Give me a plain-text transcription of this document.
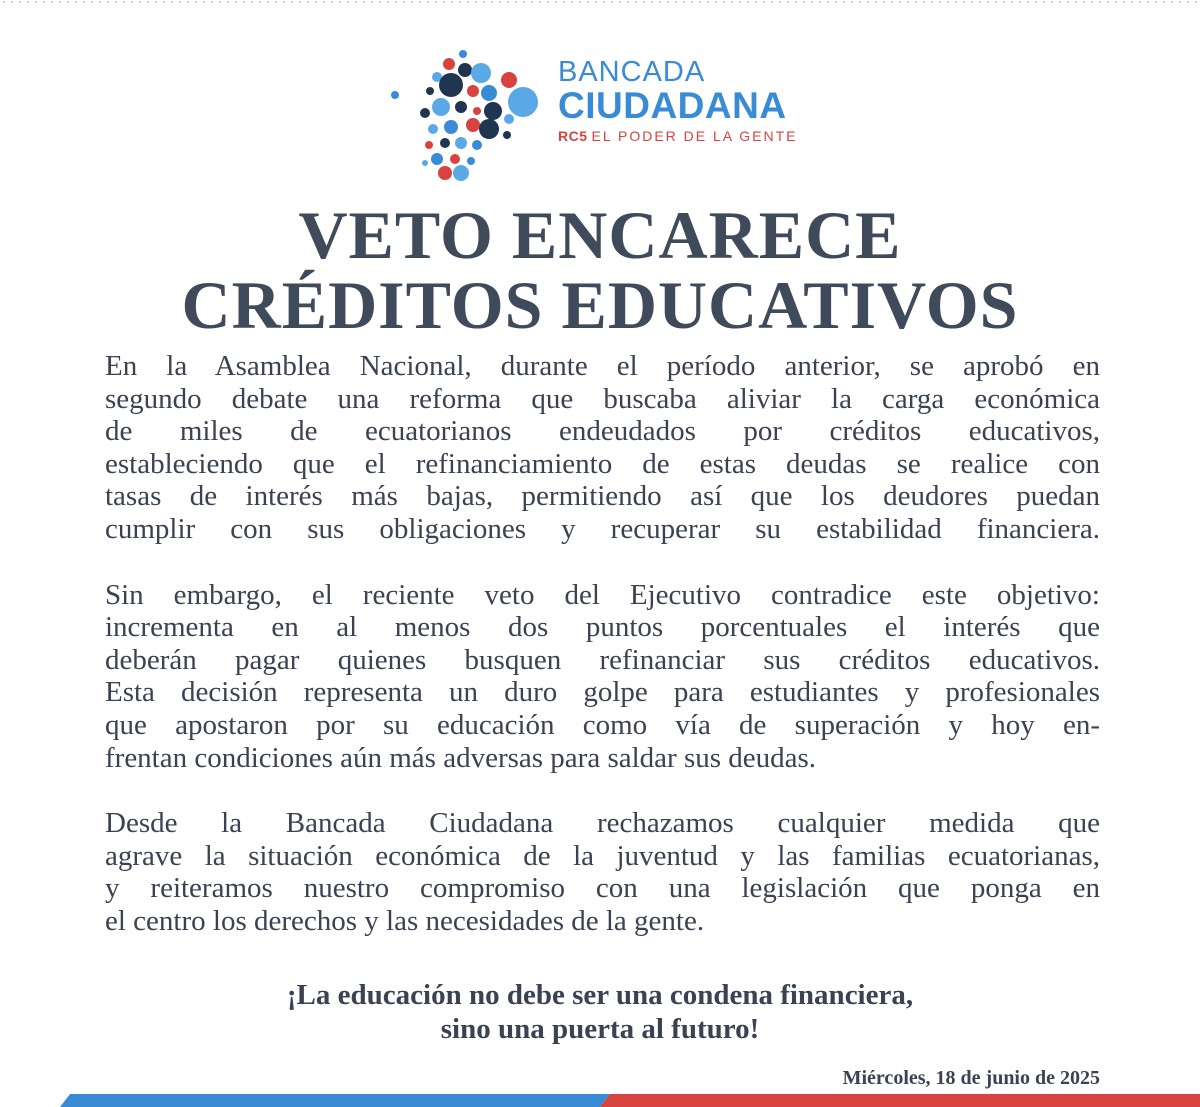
BANCADA
CIUDADANA
RC5 EL PODER DE LA GENTE
VETO ENCARECE
CRÉDITOS EDUCATIVOS
En la Asamblea Nacional, durante el período anterior, se aprobó en
segundo debate una reforma que buscaba aliviar la carga económica
de miles de ecuatorianos endeudados por créditos educativos,
estableciendo que el refinanciamiento de estas deudas se realice con
tasas de interés más bajas, permitiendo así que los deudores puedan
cumplir con sus obligaciones y recuperar su estabilidad financiera.
Sin embargo, el reciente veto del Ejecutivo contradice este objetivo:
incrementa en al menos dos puntos porcentuales el interés que
deberán pagar quienes busquen refinanciar sus créditos educativos.
Esta decisión representa un duro golpe para estudiantes y profesionales
que apostaron por su educación como vía de superación y hoy en-
frentan condiciones aún más adversas para saldar sus deudas.
Desde la Bancada Ciudadana rechazamos cualquier medida que
agrave la situación económica de la juventud y las familias ecuatorianas,
y reiteramos nuestro compromiso con una legislación que ponga en
el centro los derechos y las necesidades de la gente.
¡La educación no debe ser una condena financiera,
sino una puerta al futuro!
Miércoles, 18 de junio de 2025
